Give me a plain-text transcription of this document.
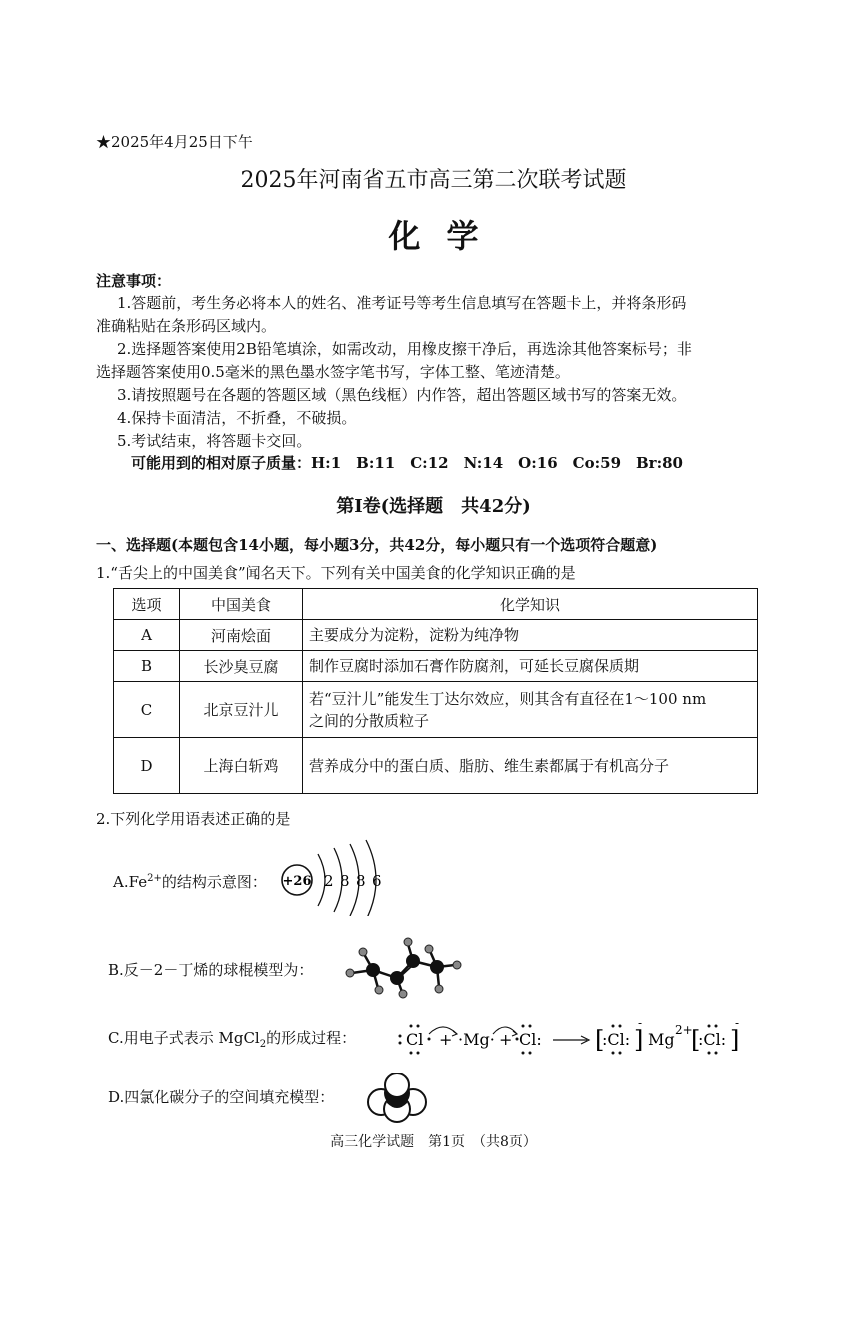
★2025年4月25日下午
2025年河南省五市高三第二次联考试题
化学
注意事项：
1.答题前，考生务必将本人的姓名、准考证号等考生信息填写在答题卡上，并将条形码
准确粘贴在条形码区域内。
2.选择题答案使用2B铅笔填涂，如需改动，用橡皮擦干净后，再选涂其他答案标号；非
选择题答案使用0.5毫米的黑色墨水签字笔书写，字体工整、笔迹清楚。
3.请按照题号在各题的答题区域（黑色线框）内作答，超出答题区域书写的答案无效。
4.保持卡面清洁，不折叠，不破损。
5.考试结束，将答题卡交回。
可能用到的相对原子质量：H:1　B:11　C:12　N:14　O:16　Co:59　Br:80
第Ⅰ卷(选择题　共42分)
一、选择题(本题包含14小题，每小题3分，共42分，每小题只有一个选项符合题意)
1.“舌尖上的中国美食”闻名天下。下列有关中国美食的化学知识正确的是
选项	中国美食	化学知识
A	河南烩面	主要成分为淀粉，淀粉为纯净物
B	长沙臭豆腐	制作豆腐时添加石膏作防腐剂，可延长豆腐保质期
C	北京豆汁儿	若“豆汁儿”能发生丁达尔效应，则其含有直径在1～100 nm
之间的分散质粒子

D	上海白斩鸡	营养成分中的蛋白质、脂肪、维生素都属于有机高分子
2.下列化学用语表述正确的是
$A.Fe^{2+}$的结构示意图： +26 2 8 8 6
B.反－2－丁烯的球棍模型为：
C.用电子式表示 MgCl$_2$的形成过程：	Cl + ·Mg· + Cl: [
:Cl: ]
-
Mg 2+
[
:Cl: ]
-
D.四氯化碳分子的空间填充模型：
高三化学试题　第1页　（共8页）
